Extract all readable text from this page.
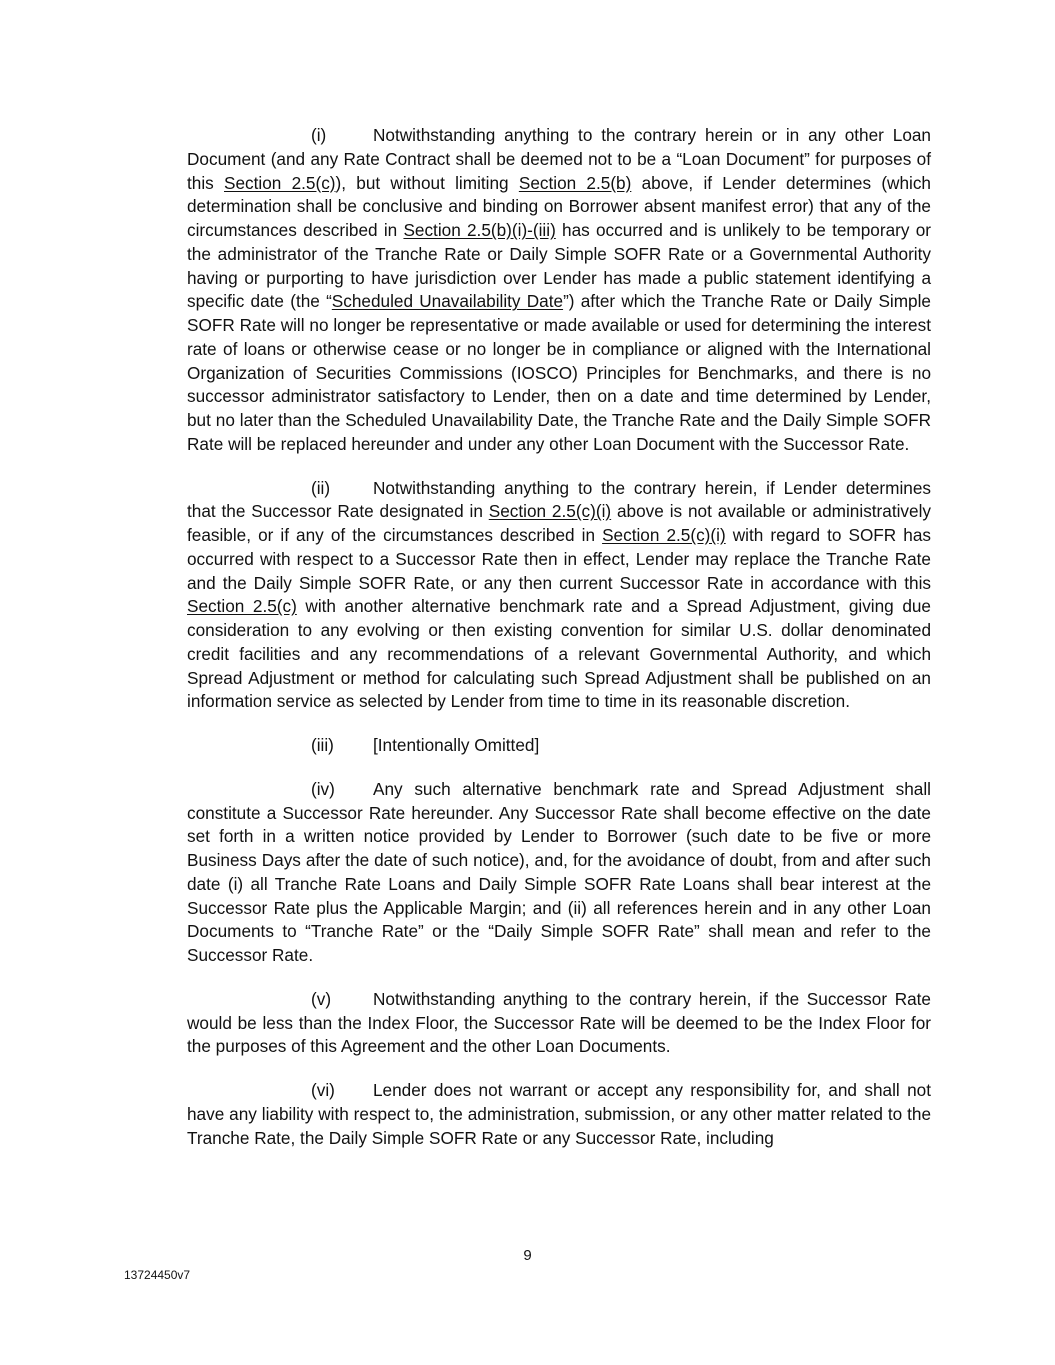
(i)	Notwithstanding anything to the contrary herein or in any other Loan Document (and any Rate Contract shall be deemed not to be a “Loan Document” for purposes of this Section 2.5(c)), but without limiting Section 2.5(b) above, if Lender determines (which determination shall be conclusive and binding on Borrower absent manifest error) that any of the circumstances described in Section 2.5(b)(i)-(iii) has occurred and is unlikely to be temporary or the administrator of the Tranche Rate or Daily Simple SOFR Rate or a Governmental Authority having or purporting to have jurisdiction over Lender has made a public statement identifying a specific date (the “Scheduled Unavailability Date”) after which the Tranche Rate or Daily Simple SOFR Rate will no longer be representative or made available or used for determining the interest rate of loans or otherwise cease or no longer be in compliance or aligned with the International Organization of Securities Commissions (IOSCO) Principles for Benchmarks, and there is no successor administrator satisfactory to Lender, then on a date and time determined by Lender, but no later than the Scheduled Unavailability Date, the Tranche Rate and the Daily Simple SOFR Rate will be replaced hereunder and under any other Loan Document with the Successor Rate.

(ii) Notwithstanding anything to the contrary herein, if Lender determines that the Successor Rate designated in Section 2.5(c)(i) above is not available or administratively feasible, or if any of the circumstances described in Section 2.5(c)(i) with regard to SOFR has occurred with respect to a Successor Rate then in effect, Lender may replace the Tranche Rate and the Daily Simple SOFR Rate, or any then current Successor Rate in accordance with this Section 2.5(c) with another alternative benchmark rate and a Spread Adjustment, giving due consideration to any evolving or then existing convention for similar U.S. dollar denominated credit facilities and any recommendations of a relevant Governmental Authority, and which Spread Adjustment or method for calculating such Spread Adjustment shall be published on an information service as selected by Lender from time to time in its reasonable discretion.

(iii) [Intentionally Omitted]

(iv) Any such alternative benchmark rate and Spread Adjustment shall constitute a Successor Rate hereunder. Any Successor Rate shall become effective on the date set forth in a written notice provided by Lender to Borrower (such date to be five or more Business Days after the date of such notice), and, for the avoidance of doubt, from and after such date (i) all Tranche Rate Loans and Daily Simple SOFR Rate Loans shall bear interest at the Successor Rate plus the Applicable Margin; and (ii) all references herein and in any other Loan Documents to “Tranche Rate” or the “Daily Simple SOFR Rate” shall mean and refer to the Successor Rate.

(v) Notwithstanding anything to the contrary herein, if the Successor Rate would be less than the Index Floor, the Successor Rate will be deemed to be the Index Floor for the purposes of this Agreement and the other Loan Documents.

(vi) Lender does not warrant or accept any responsibility for, and shall not have any liability with respect to, the administration, submission, or any other matter related to the Tranche Rate, the Daily Simple SOFR Rate or any Successor Rate, including

9
13724450v7
